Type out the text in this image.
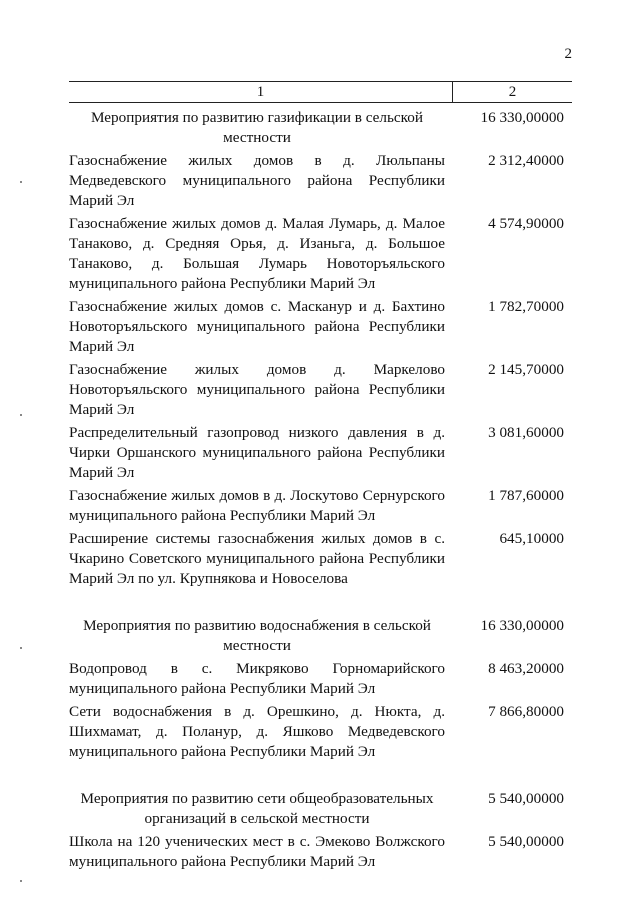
2
1	2
Мероприятия по развитию газификации в сельской местности
16 330,00000
Газоснабжение жилых домов в д. Люльпаны Медведевского муниципального района Республики Марий Эл
2 312,40000
Газоснабжение жилых домов д. Малая Лумарь, д. Малое Танаково, д. Средняя Орья, д. Изаньга, д. Большое Танаково, д. Большая Лумарь Новоторъяльского муниципального района Республики Марий Эл
4 574,90000
Газоснабжение жилых домов с. Масканур и д. Бахтино Новоторъяльского муниципального района Республики Марий Эл
1 782,70000
Газоснабжение жилых домов д. Маркелово Новоторъяльского муниципального района Республики Марий Эл
2 145,70000
Распределительный газопровод низкого давления в д. Чирки Оршанского муниципального района Республики Марий Эл
3 081,60000
Газоснабжение жилых домов в д. Лоскутово Сернурского муниципального района Республики Марий Эл
1 787,60000
Расширение системы газоснабжения жилых домов в с. Чкарино Советского муниципального района Республики Марий Эл по ул. Крупнякова и Новоселова
645,10000
Мероприятия по развитию водоснабжения в сельской местности
16 330,00000
Водопровод в с. Микряково Горномарийского муниципального района Республики Марий Эл
8 463,20000
Сети водоснабжения в д. Орешкино, д. Нюкта, д. Шихмамат, д. Поланур, д. Яшково Медведевского муниципального района Республики Марий Эл
7 866,80000
Мероприятия по развитию сети общеобразовательных организаций в сельской местности
5 540,00000
Школа на 120 ученических мест в с. Эмеково Волжского муниципального района Республики Марий Эл
5 540,00000
